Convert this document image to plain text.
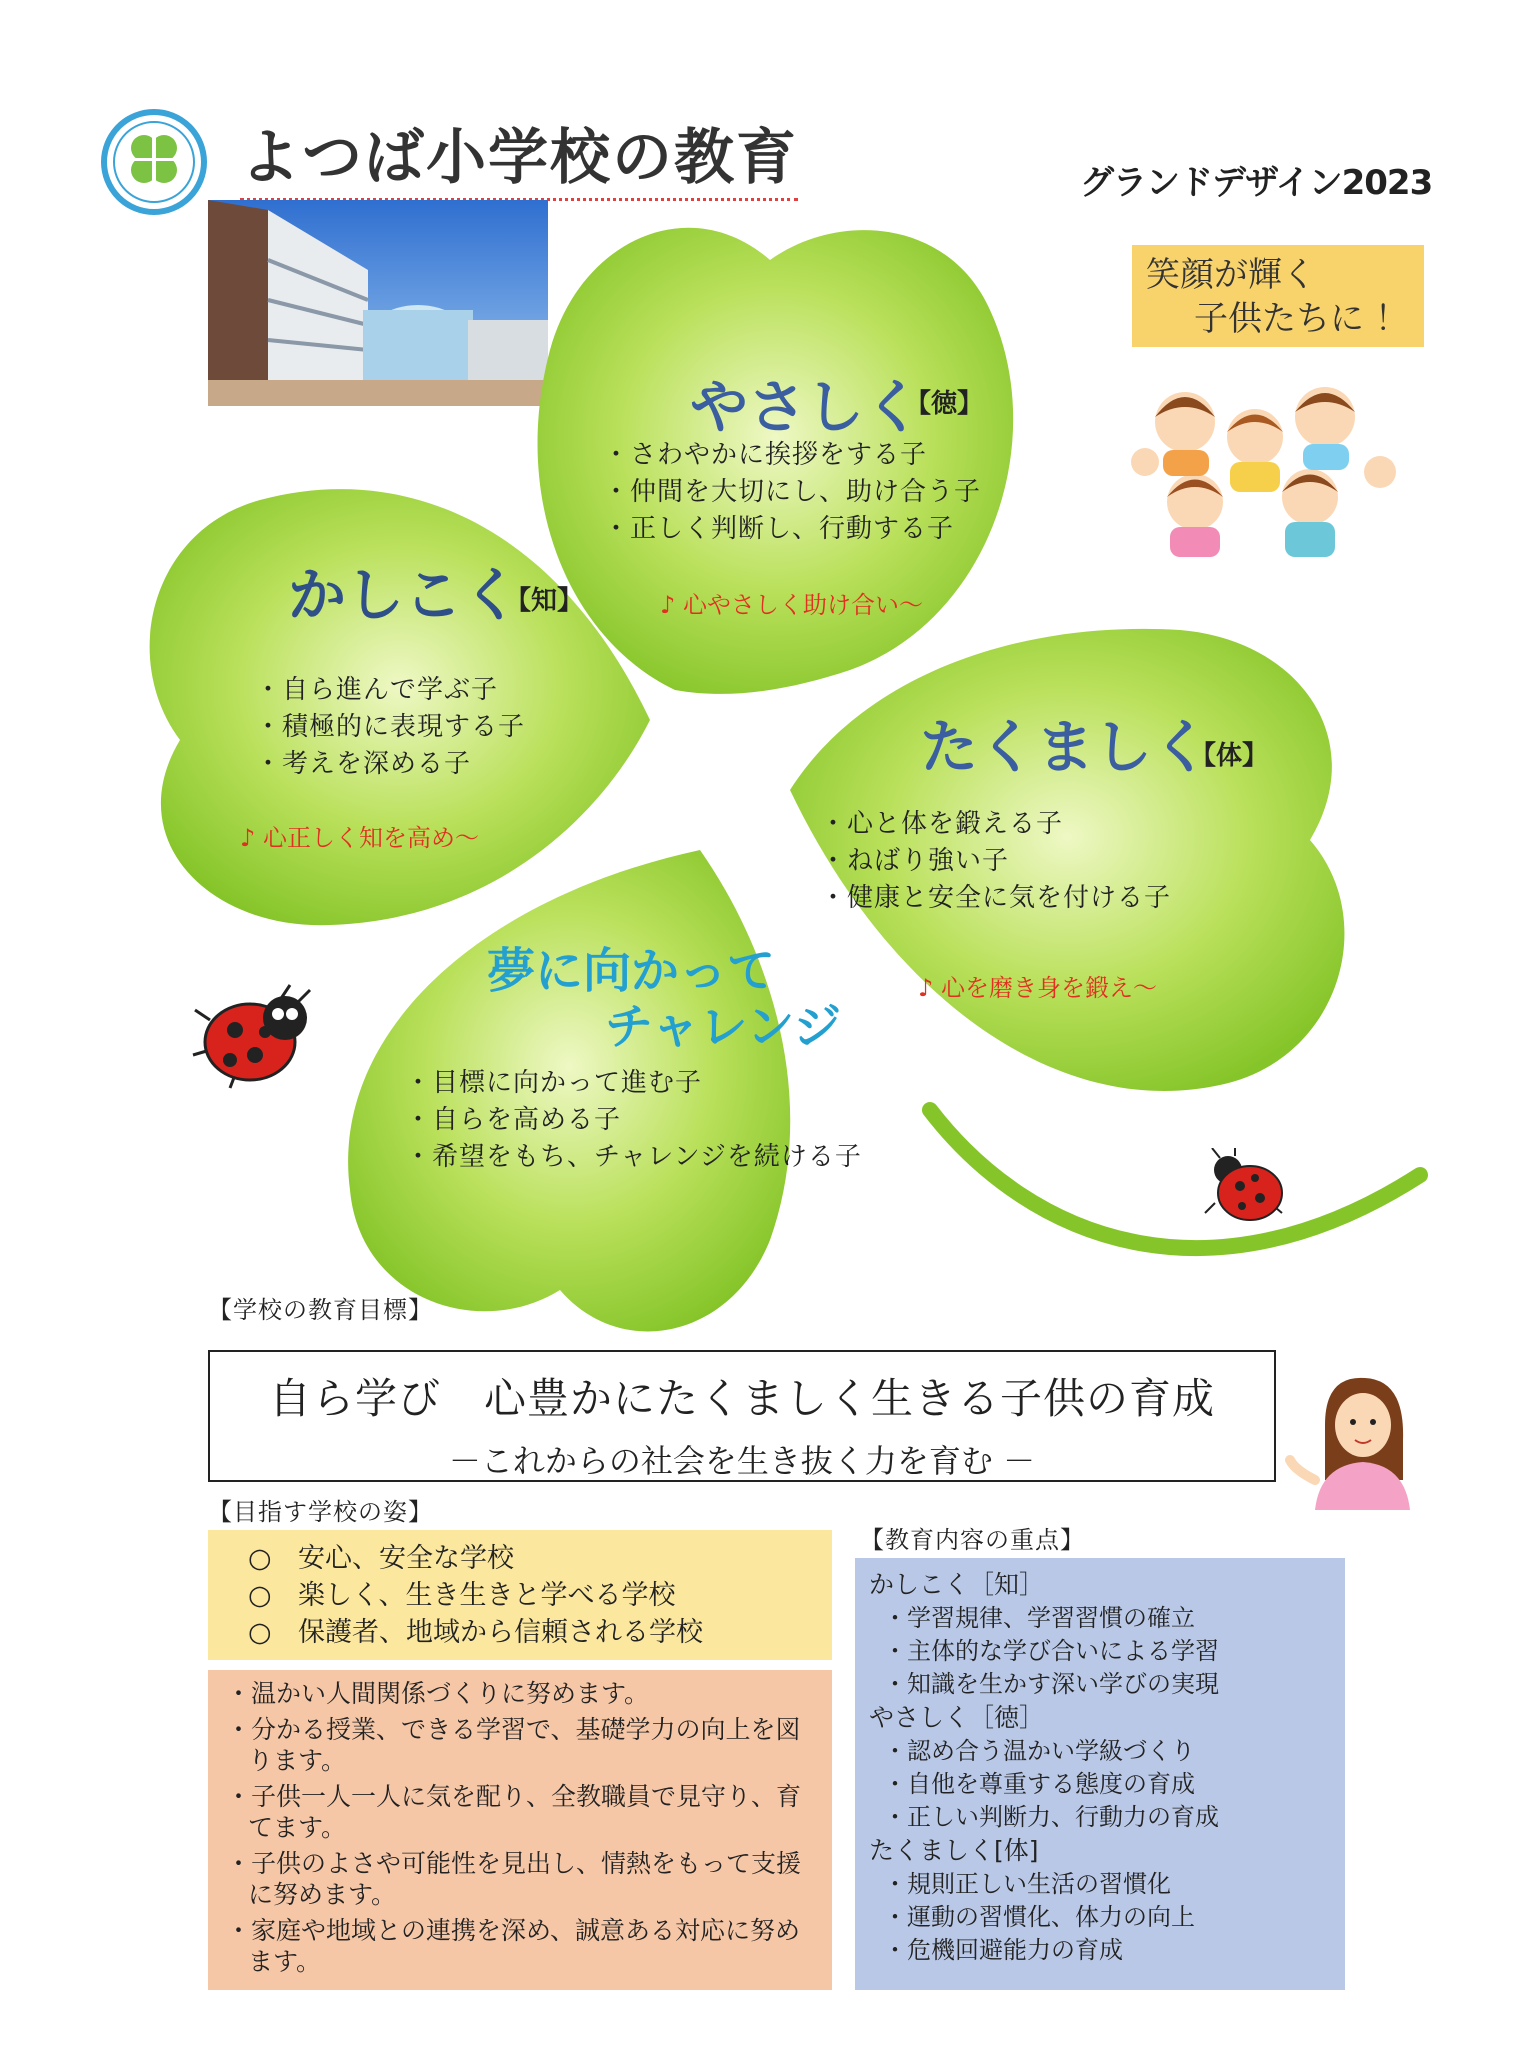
よつば小学校の教育	グランドデザイン2023
笑顔が輝く
子供たちに ！
やさしく
【徳】
・さわやかに挨拶をする子
・仲間を大切にし、助け合う子
・正しく判断し、行動する子
♪ 心やさしく助け合い～
かしこく
【知】
・自ら進んで学ぶ子
・積極的に表現する子
・考えを深める子
♪ 心正しく知を高め～
たくましく
【体】
・心と体を鍛える子
・ねばり強い子
・健康と安全に気を付ける子
♪ 心を磨き身を鍛え～
夢に向かって
チャレンジ
・目標に向かって進む子
・自らを高める子
・希望をもち、チャレンジを続ける子
【学校の教育目標】
自ら学び　心豊かにたくましく生きる子供の育成
－これからの社会を生き抜く力を育む －
【目指す学校の姿】
○ 安心、安全な学校
○ 楽しく、生き生きと学べる学校
○ 保護者、地域から信頼される学校
・温かい人間関係づくりに努めます。
・分かる授業、できる学習で、基礎学力の向上を図ります。
・子供一人一人に気を配り、全教職員で見守り、育てます。
・子供のよさや可能性を見出し、情熱をもって支援に努めます。
・家庭や地域との連携を深め、誠意ある対応に努めます。
【教育内容の重点】
かしこく［知］
・学習規律、学習習慣の確立
・主体的な学び合いによる学習
・知識を生かす深い学びの実現
やさしく［徳］
・認め合う温かい学級づくり
・自他を尊重する態度の育成
・正しい判断力、行動力の育成
たくましく[体]
・規則正しい生活の習慣化
・運動の習慣化、体力の向上
・危機回避能力の育成
